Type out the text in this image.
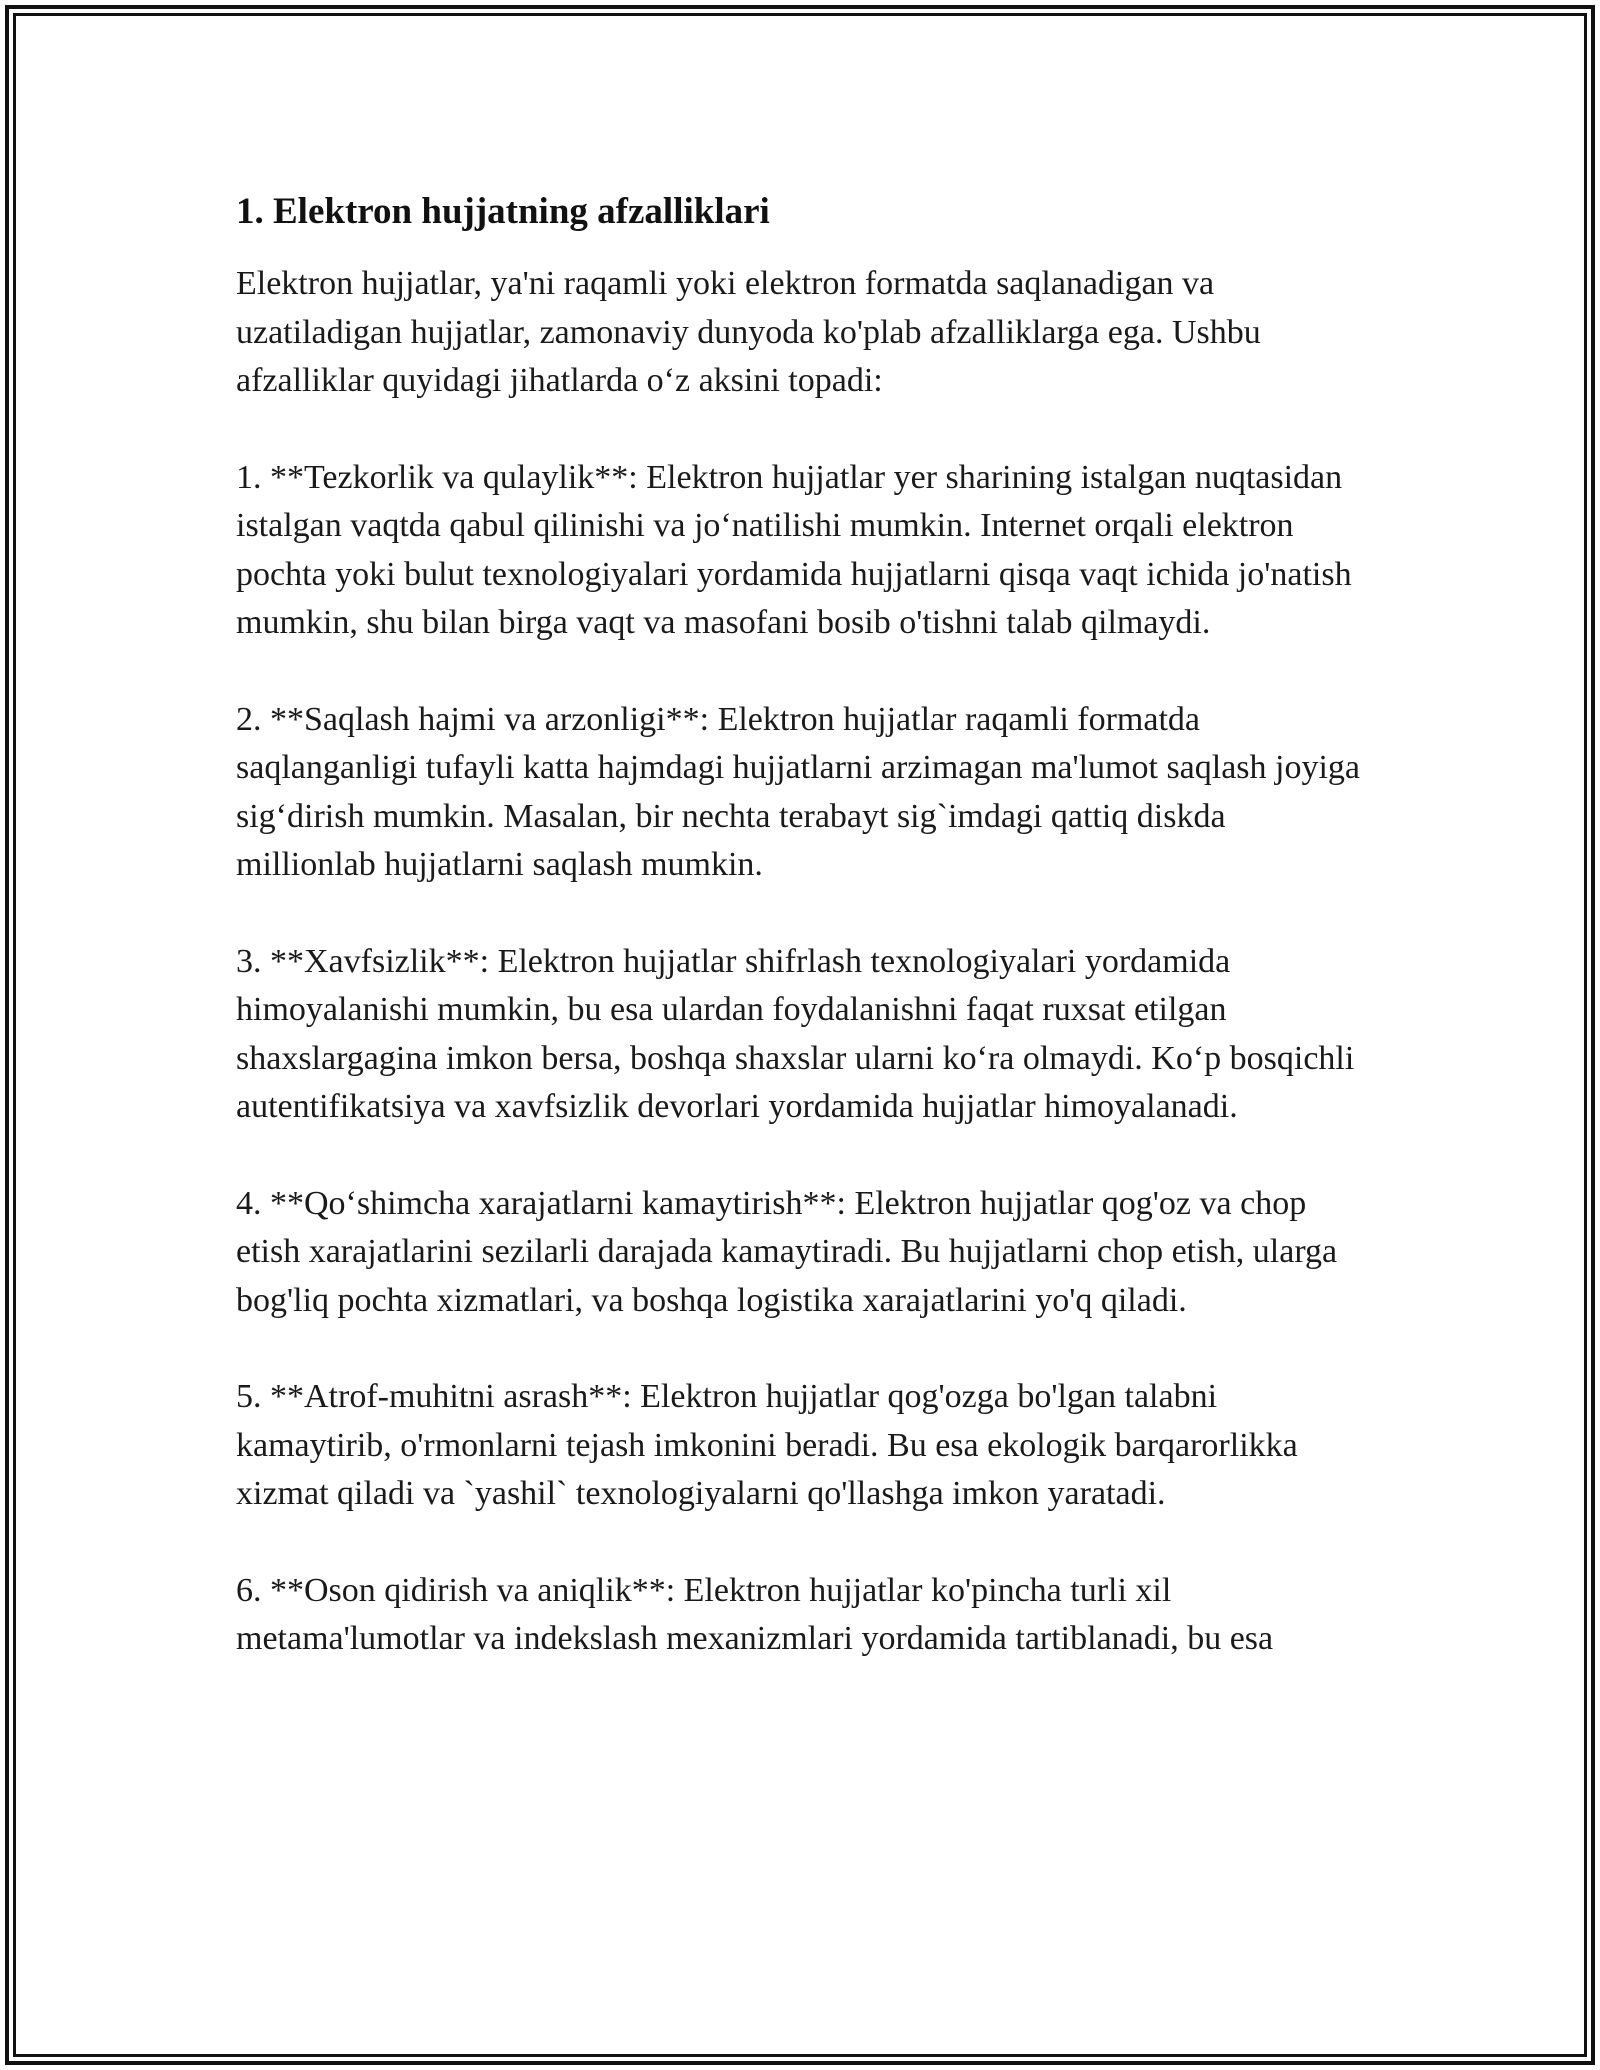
1. Elektron hujjatning afzalliklari

Elektron hujjatlar, ya'ni raqamli yoki elektron formatda saqlanadigan va uzatiladigan hujjatlar, zamonaviy dunyoda ko'plab afzalliklarga ega. Ushbu afzalliklar quyidagi jihatlarda o‘z aksini topadi:

1. **Tezkorlik va qulaylik**: Elektron hujjatlar yer sharining istalgan nuqtasidan istalgan vaqtda qabul qilinishi va jo‘natilishi mumkin. Internet orqali elektron pochta yoki bulut texnologiyalari yordamida hujjatlarni qisqa vaqt ichida jo'natish mumkin, shu bilan birga vaqt va masofani bosib o'tishni talab qilmaydi.

2. **Saqlash hajmi va arzonligi**: Elektron hujjatlar raqamli formatda saqlanganligi tufayli katta hajmdagi hujjatlarni arzimagan ma'lumot saqlash joyiga sig‘dirish mumkin. Masalan, bir nechta terabayt sig`imdagi qattiq diskda millionlab hujjatlarni saqlash mumkin.

3. **Xavfsizlik**: Elektron hujjatlar shifrlash texnologiyalari yordamida himoyalanishi mumkin, bu esa ulardan foydalanishni faqat ruxsat etilgan shaxslargagina imkon bersa, boshqa shaxslar ularni ko‘ra olmaydi. Ko‘p bosqichli autentifikatsiya va xavfsizlik devorlari yordamida hujjatlar himoyalanadi.

4. **Qo‘shimcha xarajatlarni kamaytirish**: Elektron hujjatlar qog'oz va chop etish xarajatlarini sezilarli darajada kamaytiradi. Bu hujjatlarni chop etish, ularga bog'liq pochta xizmatlari, va boshqa logistika xarajatlarini yo'q qiladi.

5. **Atrof-muhitni asrash**: Elektron hujjatlar qog'ozga bo'lgan talabni kamaytirib, o'rmonlarni tejash imkonini beradi. Bu esa ekologik barqarorlikka xizmat qiladi va `yashil` texnologiyalarni qo'llashga imkon yaratadi.

6. **Oson qidirish va aniqlik**: Elektron hujjatlar ko'pincha turli xil metama'lumotlar va indekslash mexanizmlari yordamida tartiblanadi, bu esa
